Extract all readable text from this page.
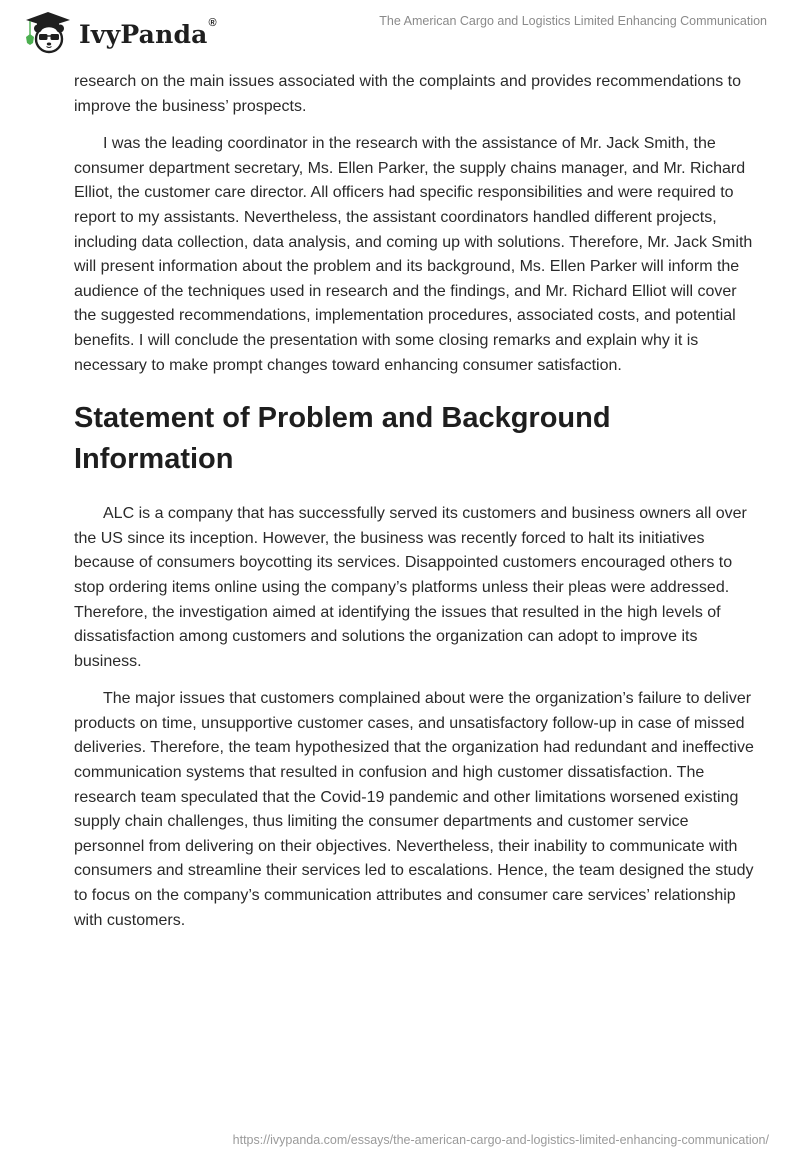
IvyPanda®	The American Cargo and Logistics Limited Enhancing Communication

research on the main issues associated with the complaints and provides recommendations to improve the business’ prospects.

I was the leading coordinator in the research with the assistance of Mr. Jack Smith, the consumer department secretary, Ms. Ellen Parker, the supply chains manager, and Mr. Richard Elliot, the customer care director. All officers had specific responsibilities and were required to report to my assistants. Nevertheless, the assistant coordinators handled different projects, including data collection, data analysis, and coming up with solutions. Therefore, Mr. Jack Smith will present information about the problem and its background, Ms. Ellen Parker will inform the audience of the techniques used in research and the findings, and Mr. Richard Elliot will cover the suggested recommendations, implementation procedures, associated costs, and potential benefits. I will conclude the presentation with some closing remarks and explain why it is necessary to make prompt changes toward enhancing consumer satisfaction.

Statement of Problem and Background Information

ALC is a company that has successfully served its customers and business owners all over the US since its inception. However, the business was recently forced to halt its initiatives because of consumers boycotting its services. Disappointed customers encouraged others to stop ordering items online using the company’s platforms unless their pleas were addressed. Therefore, the investigation aimed at identifying the issues that resulted in the high levels of dissatisfaction among customers and solutions the organization can adopt to improve its business.

The major issues that customers complained about were the organization’s failure to deliver products on time, unsupportive customer cases, and unsatisfactory follow-up in case of missed deliveries. Therefore, the team hypothesized that the organization had redundant and ineffective communication systems that resulted in confusion and high customer dissatisfaction. The research team speculated that the Covid-19 pandemic and other limitations worsened existing supply chain challenges, thus limiting the consumer departments and customer service personnel from delivering on their objectives. Nevertheless, their inability to communicate with consumers and streamline their services led to escalations. Hence, the team designed the study to focus on the company’s communication attributes and consumer care services’ relationship with customers.

https://ivypanda.com/essays/the-american-cargo-and-logistics-limited-enhancing-communication/
